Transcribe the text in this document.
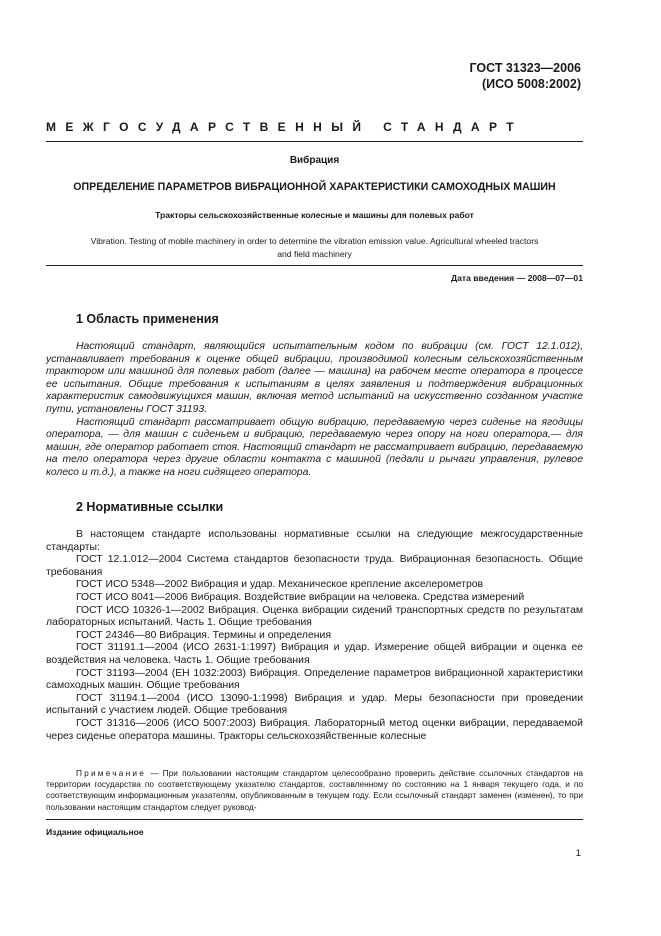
ГОСТ 31323—2006
(ИСО 5008:2002)
МЕЖГОСУДАРСТВЕННЫЙ СТАНДАРТ
Вибрация
ОПРЕДЕЛЕНИЕ ПАРАМЕТРОВ ВИБРАЦИОННОЙ ХАРАКТЕРИСТИКИ САМОХОДНЫХ МАШИН
Тракторы сельскохозяйственные колесные и машины для полевых работ
Vibration. Testing of mobile machinery in order to determine the vibration emission value. Agricultural wheeled tractors
and field machinery
Дата введения — 2008—07—01
1 Область применения

Настоящий стандарт, являющийся испытательным кодом по вибрации (см. ГОСТ 12.1.012), устанавливает требования к оценке общей вибрации, производимой колесным сельскохозяйственным трактором или машиной для полевых работ (далее — машина) на рабочем месте оператора в процессе ее испытания. Общие требования к испытаниям в целях заявления и подтверждения вибрационных характеристик самодвижущихся машин, включая метод испытаний на искусственно созданном участке пути, установлены ГОСТ 31193.

Настоящий стандарт рассматривает общую вибрацию, передаваемую через сиденье на ягодицы оператора, — для машин с сиденьем и вибрацию, передаваемую через опору на ноги оператора,— для машин, где оператор работает стоя. Настоящий стандарт не рассматривает вибрацию, передаваемую на тело оператора через другие области контакта с машиной (педали и рычаги управления, рулевое колесо и т.д.), а также на ноги сидящего оператора.

2 Нормативные ссылки

В настоящем стандарте использованы нормативные ссылки на следующие межгосударственные стандарты:

ГОСТ 12.1.012—2004 Система стандартов безопасности труда. Вибрационная безопасность. Общие требования

ГОСТ ИСО 5348—2002 Вибрация и удар. Механическое крепление акселерометров

ГОСТ ИСО 8041—2006 Вибрация. Воздействие вибрации на человека. Средства измерений

ГОСТ ИСО 10326-1—2002 Вибрация. Оценка вибрации сидений транспортных средств по результатам лабораторных испытаний. Часть 1. Общие требования

ГОСТ 24346—80 Вибрация. Термины и определения

ГОСТ 31191.1—2004 (ИСО 2631-1:1997) Вибрация и удар. Измерение общей вибрации и оценка ее воздействия на человека. Часть 1. Общие требования

ГОСТ 31193—2004 (ЕН 1032:2003) Вибрация. Определение параметров вибрационной характеристики самоходных машин. Общие требования

ГОСТ 31194.1—2004 (ИСО 13090-1:1998) Вибрация и удар. Меры безопасности при проведении испытаний с участием людей. Общие требования

ГОСТ 31316—2006 (ИСО 5007:2003) Вибрация. Лабораторный метод оценки вибрации, передаваемой через сиденье оператора машины. Тракторы сельскохозяйственные колесные

Примечание — При пользовании настоящим стандартом целесообразно проверить действие ссылочных стандартов на территории государства по соответствующему указателю стандартов, составленному по состоянию на 1 января текущего года, и по соответствующим информационным указателям, опубликованным в текущем году. Если ссылочный стандарт заменен (изменен), то при пользовании настоящим стандартом следует руковод-

Издание официальное
1
